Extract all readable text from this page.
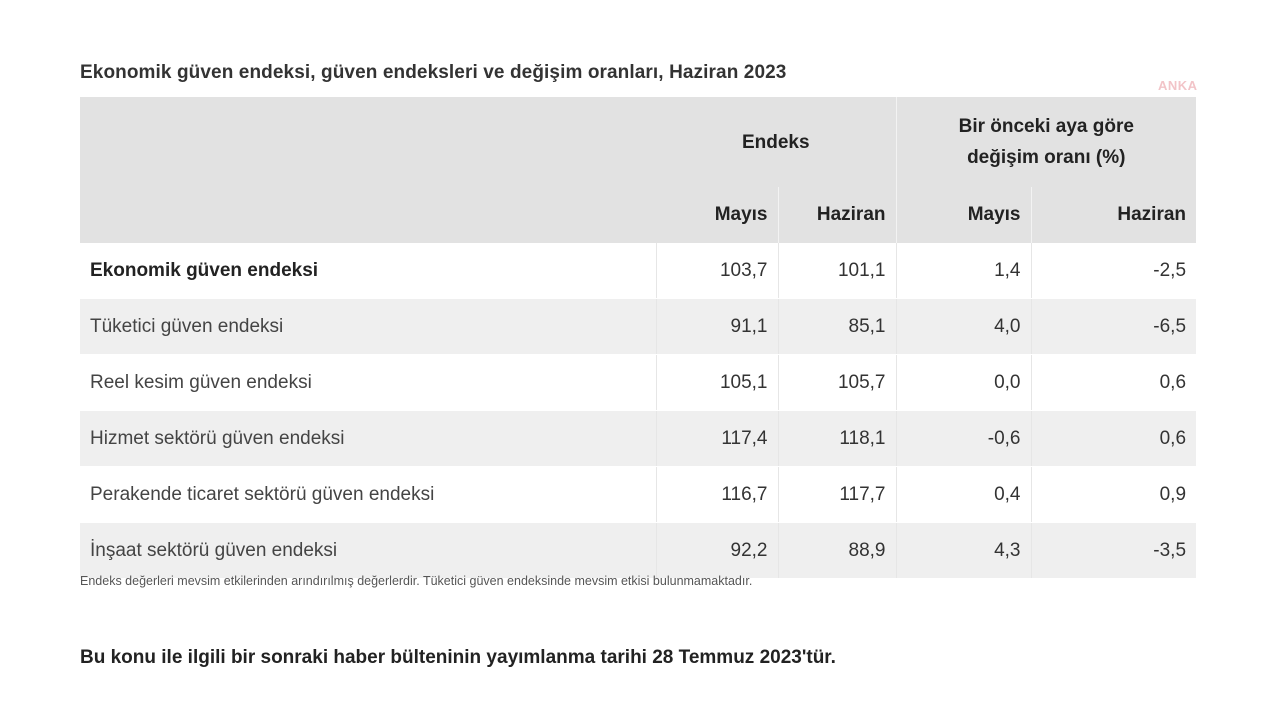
Ekonomik güven endeksi, güven endeksleri ve değişim oranları, Haziran 2023
ANKA
	Endeks		Bir önceki aya göre
değişim oranı (%)	
	Mayıs	Haziran	Mayıs	Haziran
Ekonomik güven endeksi	103,7	101,1	1,4	-2,5
Tüketici güven endeksi	91,1	85,1	4,0	-6,5
Reel kesim güven endeksi	105,1	105,7	0,0	0,6
Hizmet sektörü güven endeksi	117,4	118,1	-0,6	0,6
Perakende ticaret sektörü güven endeksi	116,7	117,7	0,4	0,9
İnşaat sektörü güven endeksi	92,2	88,9	4,3	-3,5
Endeks değerleri mevsim etkilerinden arındırılmış değerlerdir. Tüketici güven endeksinde mevsim etkisi bulunmamaktadır.
Bu konu ile ilgili bir sonraki haber bülteninin yayımlanma tarihi 28 Temmuz 2023'tür.
